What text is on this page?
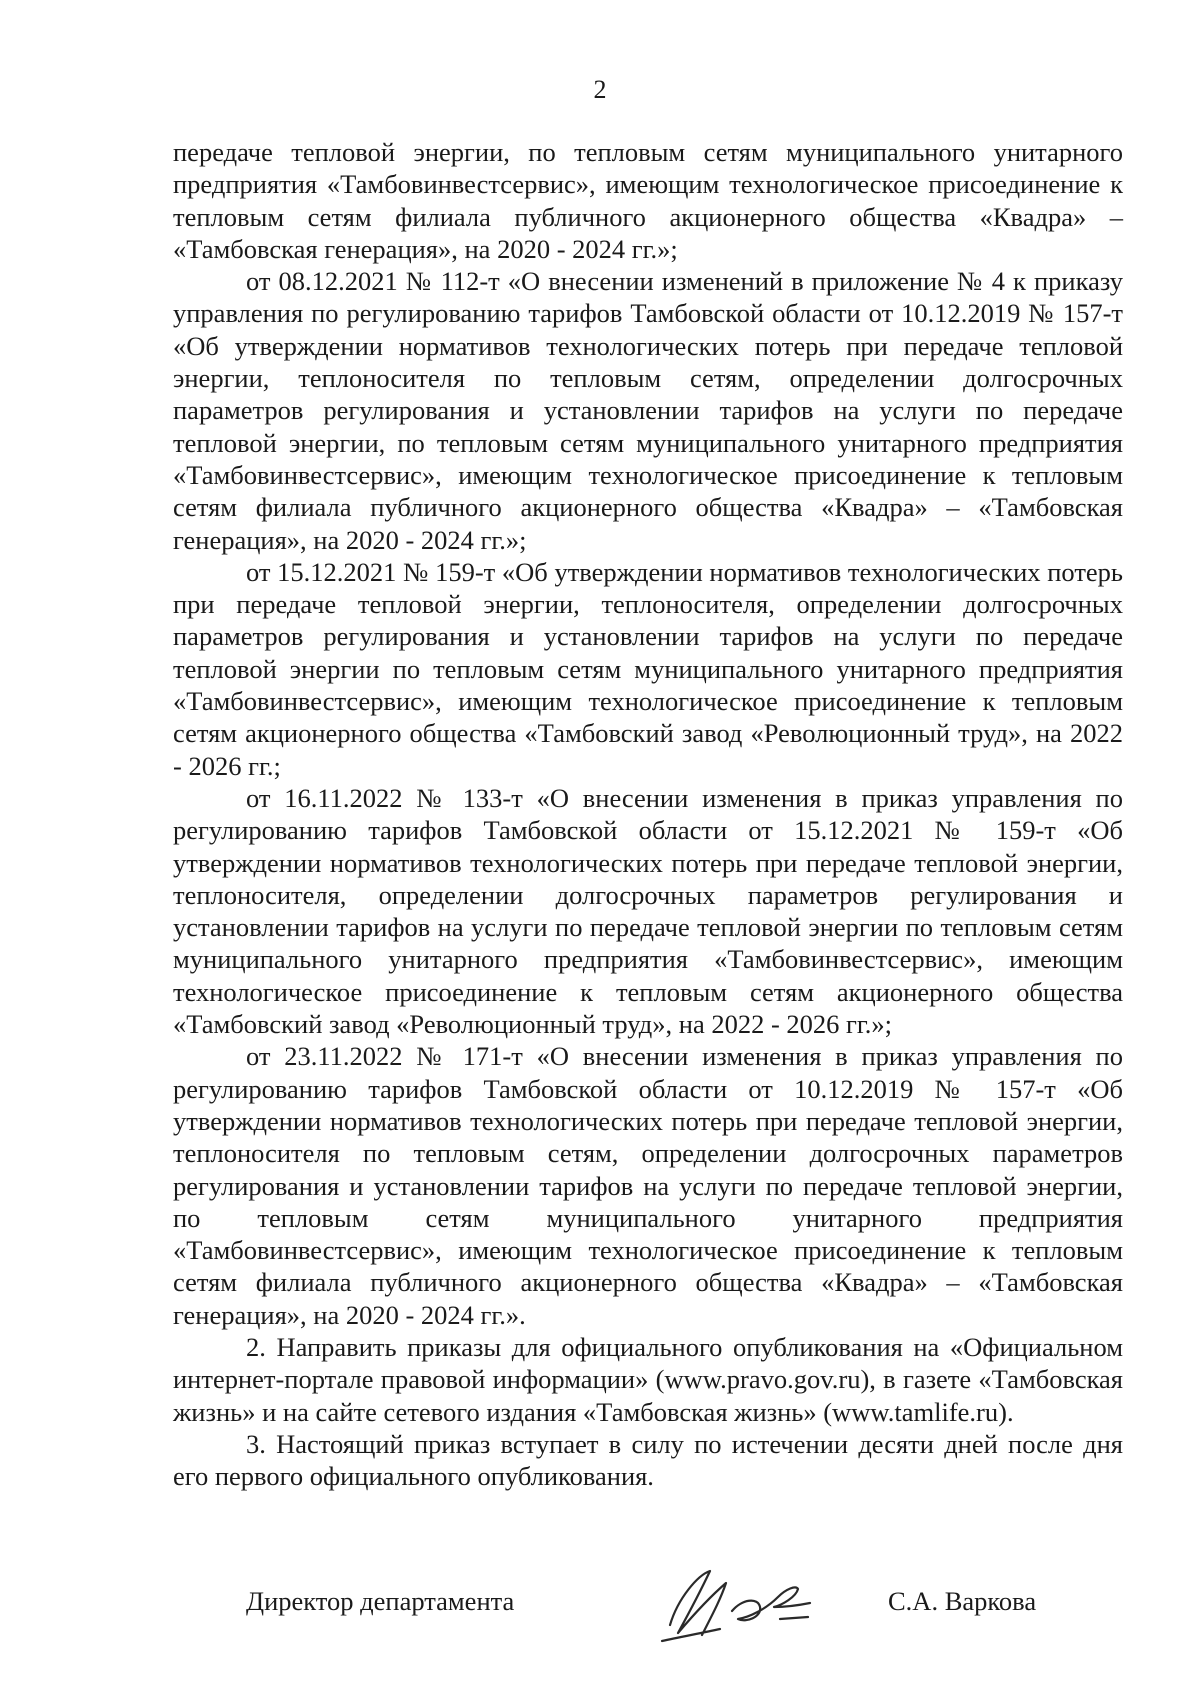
2

передаче тепловой энергии, по тепловым сетям муниципального унитарного предприятия «Тамбовинвестсервис», имеющим технологическое присоединение к тепловым сетям филиала публичного акционерного общества «Квадра» – «Тамбовская генерация», на 2020 - 2024 гг.»;

от 08.12.2021 № 112-т «О внесении изменений в приложение № 4 к приказу управления по регулированию тарифов Тамбовской области от 10.12.2019 № 157-т «Об утверждении нормативов технологических потерь при передаче тепловой энергии, теплоносителя по тепловым сетям, определении долгосрочных параметров регулирования и установлении тарифов на услуги по передаче тепловой энергии, по тепловым сетям муниципального унитарного предприятия «Тамбовинвестсервис», имеющим технологическое присоединение к тепловым сетям филиала публичного акционерного общества «Квадра» – «Тамбовская генерация», на 2020 - 2024 гг.»;

от 15.12.2021 № 159-т «Об утверждении нормативов технологических потерь при передаче тепловой энергии, теплоносителя, определении долгосрочных параметров регулирования и установлении тарифов на услуги по передаче тепловой энергии по тепловым сетям муниципального унитарного предприятия «Тамбовинвестсервис», имеющим технологическое присоединение к тепловым сетям акционерного общества «Тамбовский завод «Революционный труд», на 2022 - 2026 гг.;

от 16.11.2022 № 133-т «О внесении изменения в приказ управления по регулированию тарифов Тамбовской области от 15.12.2021 № 159-т «Об утверждении нормативов технологических потерь при передаче тепловой энергии, теплоносителя, определении долгосрочных параметров регулирования и установлении тарифов на услуги по передаче тепловой энергии по тепловым сетям муниципального унитарного предприятия «Тамбовинвестсервис», имеющим технологическое присоединение к тепловым сетям акционерного общества «Тамбовский завод «Революционный труд», на 2022 - 2026 гг.»;

от 23.11.2022 № 171-т «О внесении изменения в приказ управления по регулированию тарифов Тамбовской области от 10.12.2019 № 157-т «Об утверждении нормативов технологических потерь при передаче тепловой энергии, теплоносителя по тепловым сетям, определении долгосрочных параметров регулирования и установлении тарифов на услуги по передаче тепловой энергии, по тепловым сетям муниципального унитарного предприятия «Тамбовинвестсервис», имеющим технологическое присоединение к тепловым сетям филиала публичного акционерного общества «Квадра» – «Тамбовская генерация», на 2020 - 2024 гг.».

2. Направить приказы для официального опубликования на «Официальном интернет-портале правовой информации» (www.pravo.gov.ru), в газете «Тамбовская жизнь» и на сайте сетевого издания «Тамбовская жизнь» (www.tamlife.ru).

3. Настоящий приказ вступает в силу по истечении десяти дней после дня его первого официального опубликования.

Директор департамента	С.А. Варкова
